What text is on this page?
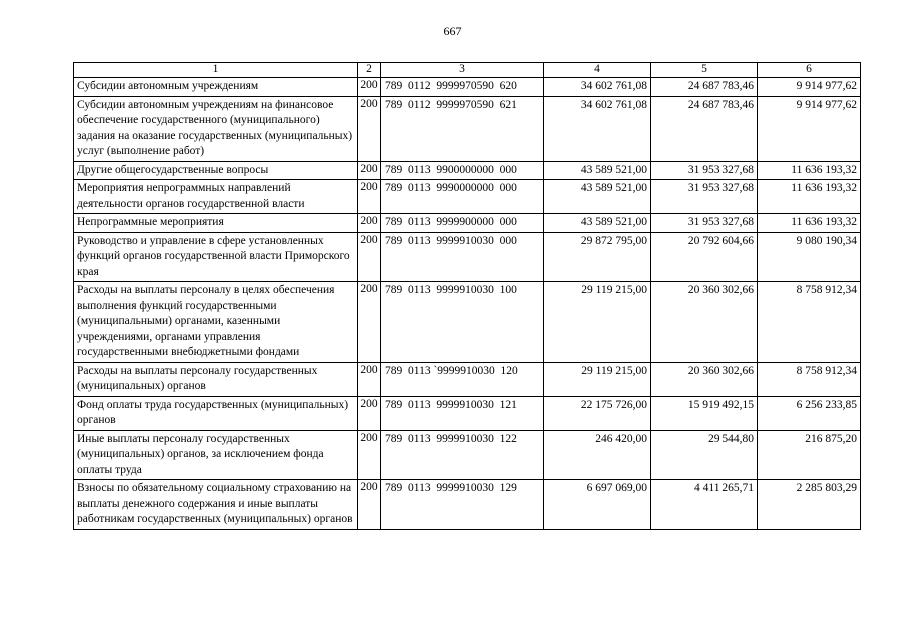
667
1	2	3	4	5	6
Субсидии автономным учреждениям	200	789  0112  9999970590  620	34 602 761,08	24 687 783,46	9 914 977,62
Субсидии автономным учреждениям на финансовое обеспечение государственного (муниципального) задания на оказание государственных (муниципальных) услуг (выполнение работ)	200	789  0112  9999970590  621	34 602 761,08	24 687 783,46	9 914 977,62
Другие общегосударственные вопросы	200	789  0113  9900000000  000	43 589 521,00	31 953 327,68	11 636 193,32
Мероприятия непрограммных направлений деятельности органов государственной власти	200	789  0113  9990000000  000	43 589 521,00	31 953 327,68	11 636 193,32
Непрограммные мероприятия	200	789  0113  9999900000  000	43 589 521,00	31 953 327,68	11 636 193,32
Руководство и управление в сфере установленных функций органов государственной власти Приморского края	200	789  0113  9999910030  000	29 872 795,00	20 792 604,66	9 080 190,34
Расходы на выплаты персоналу в целях обеспечения выполнения функций государственными (муниципальными) органами, казенными учреждениями, органами управления государственными внебюджетными фондами	200	789  0113  9999910030  100	29 119 215,00	20 360 302,66	8 758 912,34
Расходы на выплаты персоналу государственных (муниципальных) органов	200	789  0113 `9999910030  120	29 119 215,00	20 360 302,66	8 758 912,34
Фонд оплаты труда государственных (муниципальных) органов	200	789  0113  9999910030  121	22 175 726,00	15 919 492,15	6 256 233,85
Иные выплаты персоналу государственных (муниципальных) органов, за исключением фонда оплаты труда	200	789  0113  9999910030  122	246 420,00	29 544,80	216 875,20
Взносы по обязательному социальному страхованию на выплаты денежного содержания и иные выплаты работникам государственных (муниципальных) органов	200	789  0113  9999910030  129	6 697 069,00	4 411 265,71	2 285 803,29
